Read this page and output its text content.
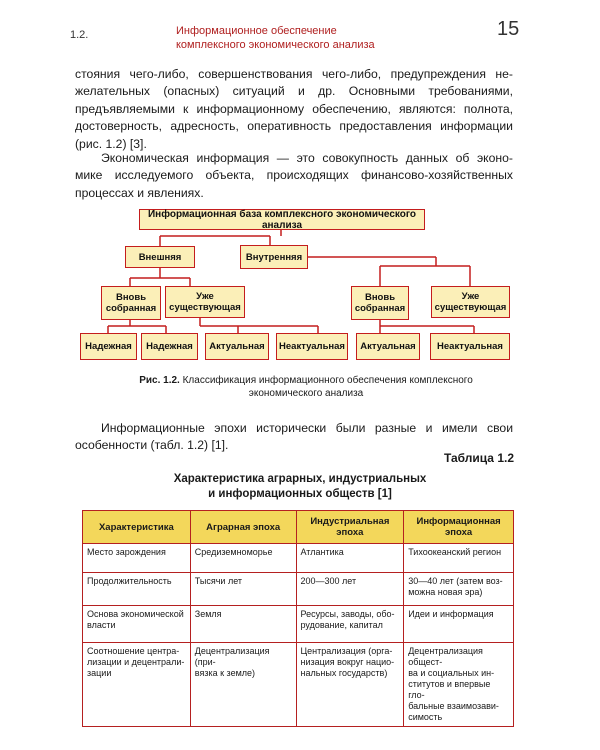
1.2.	Информационное обеспечение
комплексного экономического анализа
15

стояния чего-либо, совершенствования чего-либо, предупреждения не-
желательных (опасных) ситуаций и др. Основными требованиями,
предъявляемыми к информационному обеспечению, являются: полнота,
достоверность, адресность, оперативность предоставления информации
(рис. 1.2) [3].

Экономическая информация — это совокупность данных об эконо-
мике исследуемого объекта, происходящих финансово-хозяйственных
процессах и явлениях.

Информационная база комплексного экономического анализа
Внешняя	Внутренняя
Вновь собранная
Уже существующая
Вновь собранная
Уже существующая
Надежная	Надежная	Актуальная	Неактуальная	Актуальная	Неактуальная
Рис. 1.2. Классификация информационного обеспечения комплексного
экономического анализа

Информационные эпохи исторически были разные и имели свои
особенности (табл. 1.2) [1].

Таблица 1.2
Характеристика аграрных, индустриальных
и информационных обществ [1]
Характеристика	Аграрная эпоха	Индустриальная эпоха	Информационная эпоха

Место зарождения	Средиземноморье	Атлантика	Тихоокеанский регион

Продолжительность	Тысячи лет	200—300 лет	30—40 лет (затем воз-
можна новая эра)

Основа экономической
власти	Земля	Ресурсы, заводы, обо-
рудование, капитал	Идеи и информация

Соотношение центра-
лизации и децентрали-
зации	Децентрализация (при-
вязка к земле)	Централизация (орга-
низация вокруг нацио-
нальных государств)	Децентрализация общест-
ва и социальных ин-
ститутов и впервые гло-
бальные взаимозави-
симость
